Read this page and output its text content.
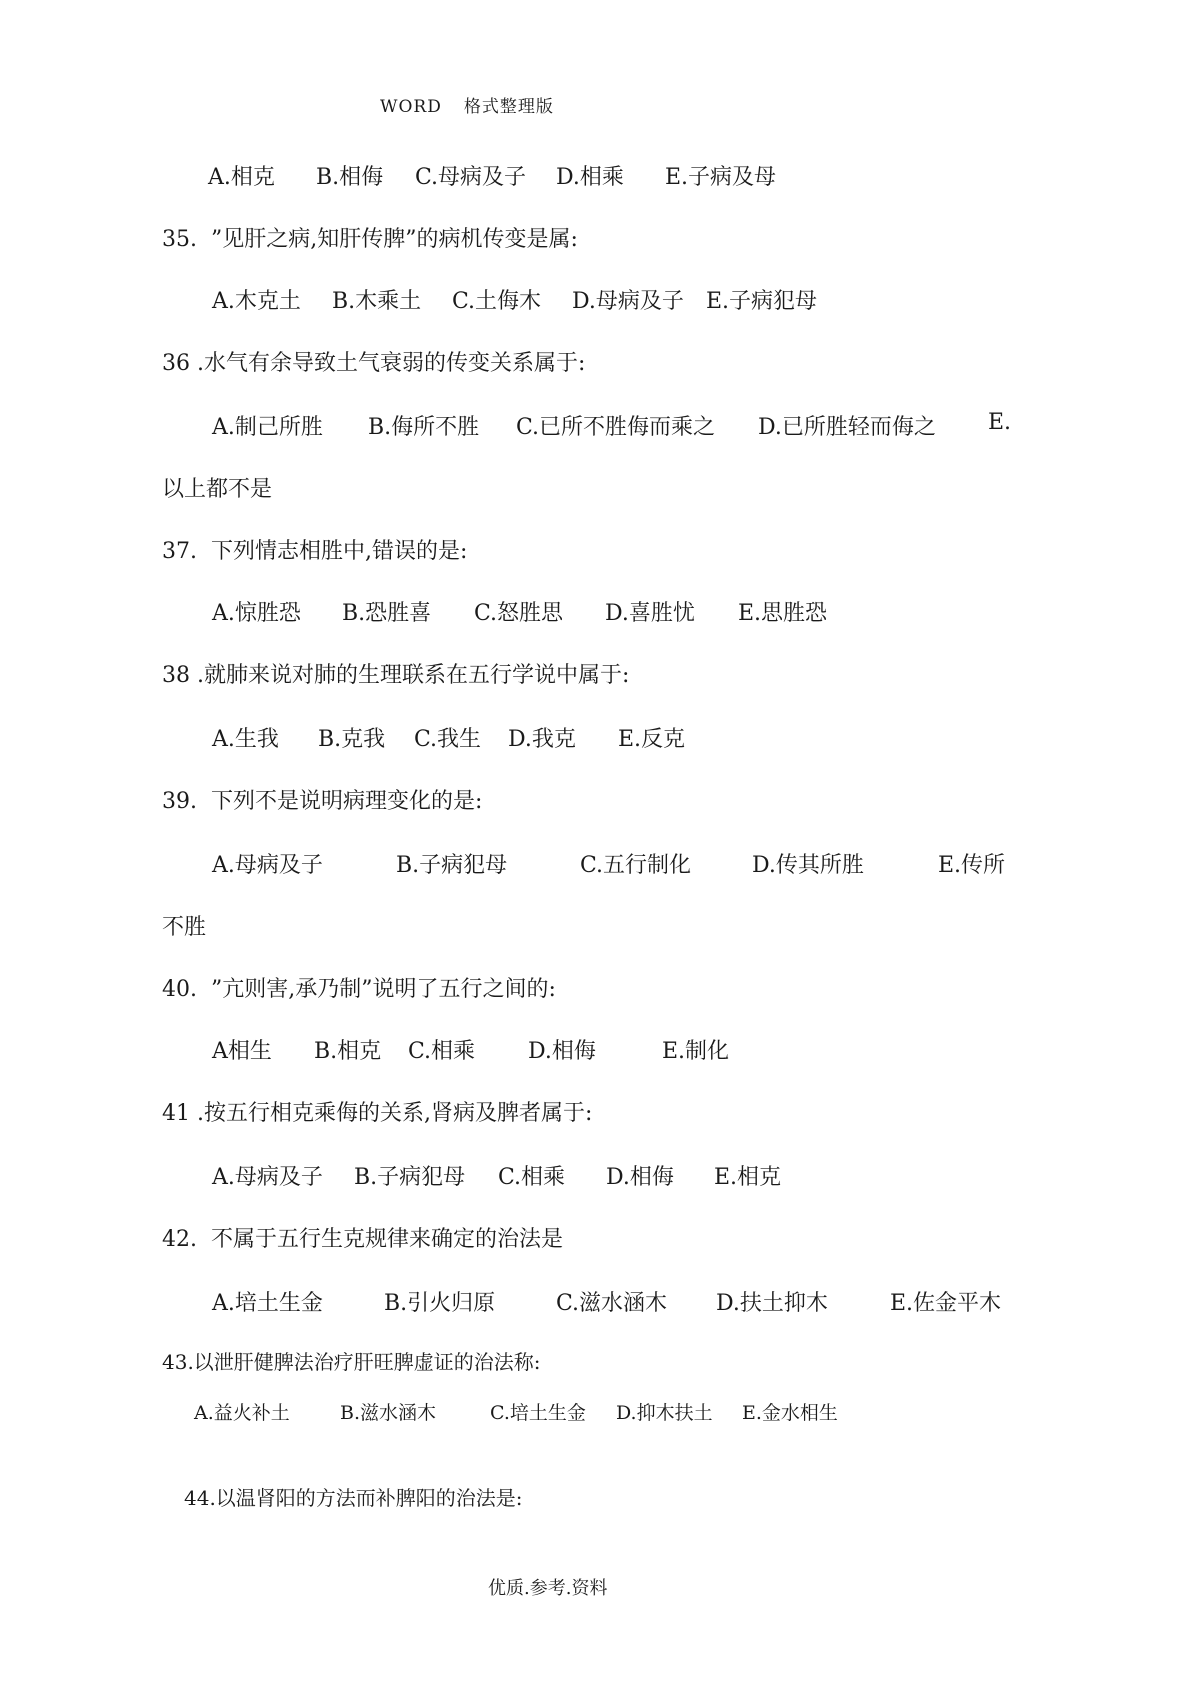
WORD 格式整理版
A.相克 B.相侮 C.母病及子 D.相乘 E.子病及母
35.  ”见肝之病,知肝传脾”的病机传变是属:
A.木克土 B.木乘土 C.土侮木 D.母病及子 E.子病犯母
36 .水气有余导致土气衰弱的传变关系属于:
A.制己所胜 B.侮所不胜 C.已所不胜侮而乘之 D.已所胜轻而侮之 E.
以上都不是
37.  下列情志相胜中,错误的是:
A.惊胜恐 B.恐胜喜 C.怒胜思 D.喜胜忧 E.思胜恐
38 .就肺来说对肺的生理联系在五行学说中属于:
A.生我 B.克我 C.我生 D.我克 E.反克
39.  下列不是说明病理变化的是:
A.母病及子	B.子病犯母	C.五行制化	D.传其所胜	E.传所
不胜
40.  ”亢则害,承乃制”说明了五行之间的:
A相生 B.相克 C.相乘 D.相侮	E.制化
41 .按五行相克乘侮的关系,肾病及脾者属于:
A.母病及子 B.子病犯母 C.相乘 D.相侮 E.相克
42.  不属于五行生克规律来确定的治法是
A.培土生金	B.引火归原	C.滋水涵木 D.扶土抑木	E.佐金平木
43.以泄肝健脾法治疗肝旺脾虚证的治法称:
A.益火补土	B.滋水涵木	C.培土生金 D.抑木扶土 E.金水相生
44.以温肾阳的方法而补脾阳的治法是:
优质.参考.资料
